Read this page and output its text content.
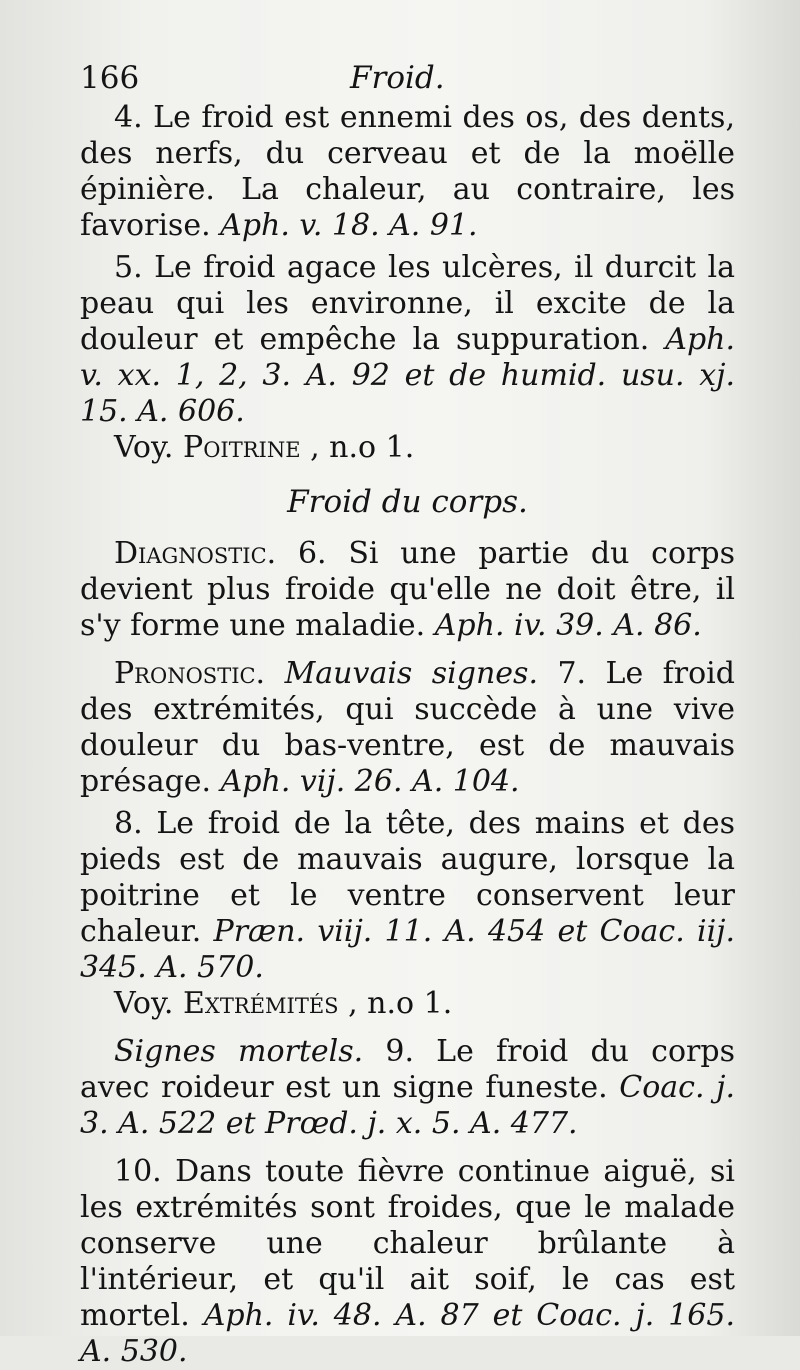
166	Froid.

4. Le froid est ennemi des os, des dents, des nerfs, du cerveau et de la moëlle épinière. La chaleur, au contraire, les favorise. Aph. v. 18. A. 91.

5. Le froid agace les ulcères, il durcit la peau qui les environne, il excite de la douleur et empêche la suppuration. Aph. v. xx. 1, 2, 3. A. 92 et de humid. usu. xj. 15. A. 606.

Voy. Poitrine , n.o 1.

Froid du corps.

Diagnostic. 6. Si une partie du corps devient plus froide qu'elle ne doit être, il s'y forme une maladie. Aph. iv. 39. A. 86.

Pronostic. Mauvais signes. 7. Le froid des extrémités, qui succède à une vive douleur du bas-ventre, est de mauvais présage. Aph. vij. 26. A. 104.

8. Le froid de la tête, des mains et des pieds est de mauvais augure, lorsque la poitrine et le ventre conservent leur chaleur. Præn. viij. 11. A. 454 et Coac. iij. 345. A. 570.

Voy. Extrémités , n.o 1.

Signes mortels. 9. Le froid du corps avec roideur est un signe funeste. Coac. j. 3. A. 522 et Prœd. j. x. 5. A. 477.

10. Dans toute fièvre continue aiguë, si les extrémités sont froides, que le malade conserve une chaleur brûlante à l'intérieur, et qu'il ait soif, le cas est mortel. Aph. iv. 48. A. 87 et Coac. j. 165. A. 530.
